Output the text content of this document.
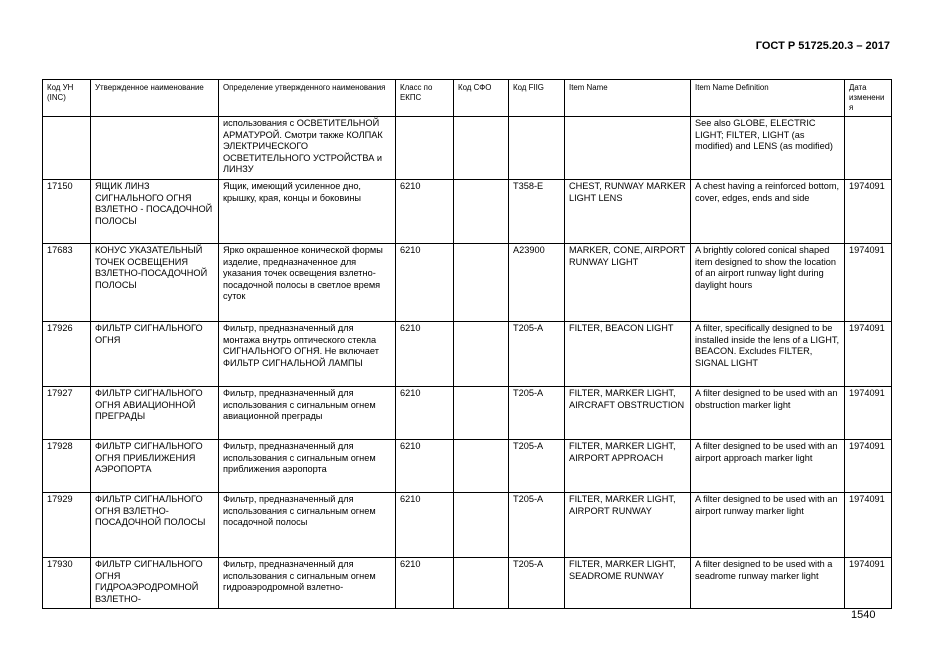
ГОСТ Р 51725.20.3 – 2017
Код УН (INC)	Утвержденное наименование	Определение утвержденного наименования	Класс по ЕКПС	Код СФО	Код FIIG	Item Name	Item Name Definition	Дата изменения
		использования с ОСВЕТИТЕЛЬНОЙ АРМАТУРОЙ. Смотри также КОЛПАК ЭЛЕКТРИЧЕСКОГО ОСВЕТИТЕЛЬНОГО УСТРОЙСТВА и ЛИНЗУ					See also GLOBE, ELECTRIC LIGHT; FILTER, LIGHT (as modified) and LENS (as modified)	
17150	ЯЩИК ЛИНЗ СИГНАЛЬНОГО ОГНЯ ВЗЛЕТНО - ПОСАДОЧНОЙ ПОЛОСЫ	Ящик, имеющий усиленное дно, крышку, края, концы и боковины	6210		T358-E	CHEST, RUNWAY MARKER LIGHT LENS	A chest having a reinforced bottom, cover, edges, ends and side	1974091
17683	КОНУС УКАЗАТЕЛЬНЫЙ ТОЧЕК ОСВЕЩЕНИЯ ВЗЛЕТНО-ПОСАДОЧНОЙ ПОЛОСЫ	Ярко окрашенное конической формы изделие, предназначенное для указания точек освещения взлетно-посадочной полосы в светлое время суток	6210		A23900	MARKER, CONE, AIRPORT RUNWAY LIGHT	A brightly colored conical shaped item designed to show the location of an airport runway light during daylight hours	1974091
17926	ФИЛЬТР СИГНАЛЬНОГО ОГНЯ	Фильтр, предназначенный для монтажа внутрь оптического стекла СИГНАЛЬНОГО ОГНЯ. Не включает ФИЛЬТР СИГНАЛЬНОЙ ЛАМПЫ	6210		T205-A	FILTER, BEACON LIGHT	A filter, specifically designed to be installed inside the lens of a LIGHT, BEACON. Excludes FILTER, SIGNAL LIGHT	1974091
17927	ФИЛЬТР СИГНАЛЬНОГО ОГНЯ АВИАЦИОННОЙ ПРЕГРАДЫ	Фильтр, предназначенный для использования с сигнальным огнем авиационной преграды	6210		T205-A	FILTER, MARKER LIGHT, AIRCRAFT OBSTRUCTION	A filter designed to be used with an obstruction marker light	1974091
17928	ФИЛЬТР СИГНАЛЬНОГО ОГНЯ ПРИБЛИЖЕНИЯ АЭРОПОРТА	Фильтр, предназначенный для использования с сигнальным огнем приближения аэропорта	6210		T205-A	FILTER, MARKER LIGHT, AIRPORT APPROACH	A filter designed to be used with an airport approach marker light	1974091
17929	ФИЛЬТР СИГНАЛЬНОГО ОГНЯ ВЗЛЕТНО-ПОСАДОЧНОЙ ПОЛОСЫ	Фильтр, предназначенный для использования с сигнальным огнем посадочной полосы	6210		T205-A	FILTER, MARKER LIGHT, AIRPORT RUNWAY	A filter designed to be used with an airport runway marker light	1974091
17930	ФИЛЬТР СИГНАЛЬНОГО ОГНЯ ГИДРОАЭРОДРОМНОЙ ВЗЛЕТНО-	Фильтр, предназначенный для использования с сигнальным огнем гидроаэродромной взлетно-	6210		T205-A	FILTER, MARKER LIGHT, SEADROME RUNWAY	A filter designed to be used with a seadrome runway marker light	1974091
1540
